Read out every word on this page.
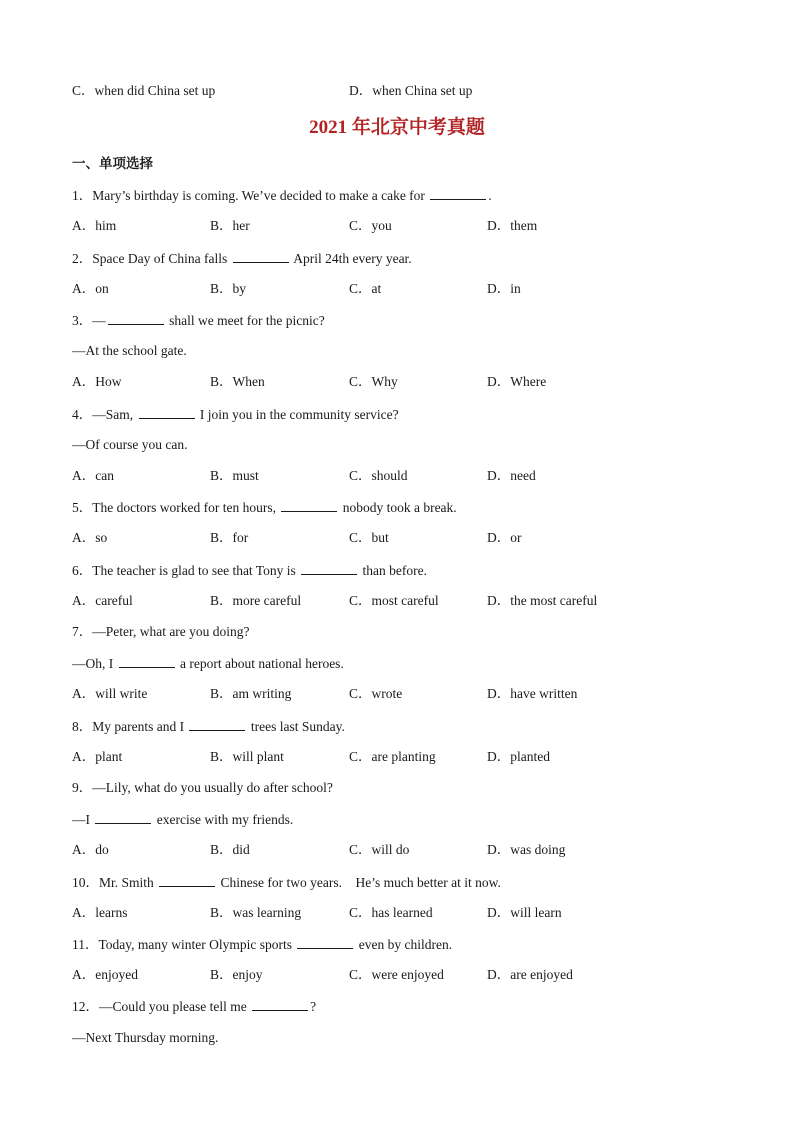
C．when did China set up	D．when China set up
2021 年北京中考真题
一、单项选择
1．Mary’s birthday is coming. We’ve decided to make a cake for	.
A．him	B．her	C．you	D．them
2．Space Day of China falls	April 24th every year.
A．on	B．by	C．at	D．in
3．—	shall we meet for the picnic?
—At the school gate.
A．How	B．When	C．Why	D．Where
4．—Sam,	I join you in the community service?
—Of course you can.
A．can	B．must	C．should	D．need
5．The doctors worked for ten hours,	nobody took a break.
A．so	B．for	C．but	D．or
6．The teacher is glad to see that Tony is	than before.
A．careful	B．more careful	C．most careful	D．the most careful
7．—Peter, what are you doing?
—Oh, I	a report about national heroes.
A．will write	B．am writing	C．wrote	D．have written
8．My parents and I	trees last Sunday.
A．plant	B．will plant	C．are planting	D．planted
9．—Lily, what do you usually do after school?
—I	exercise with my friends.
A．do	B．did	C．will do	D．was doing
10．Mr. Smith	Chinese for two years.    He’s much better at it now.
A．learns	B．was learning	C．has learned	D．will learn
11．Today, many winter Olympic sports	even by children.
A．enjoyed	B．enjoy	C．were enjoyed	D．are enjoyed
12．—Could you please tell me	?
—Next Thursday morning.
